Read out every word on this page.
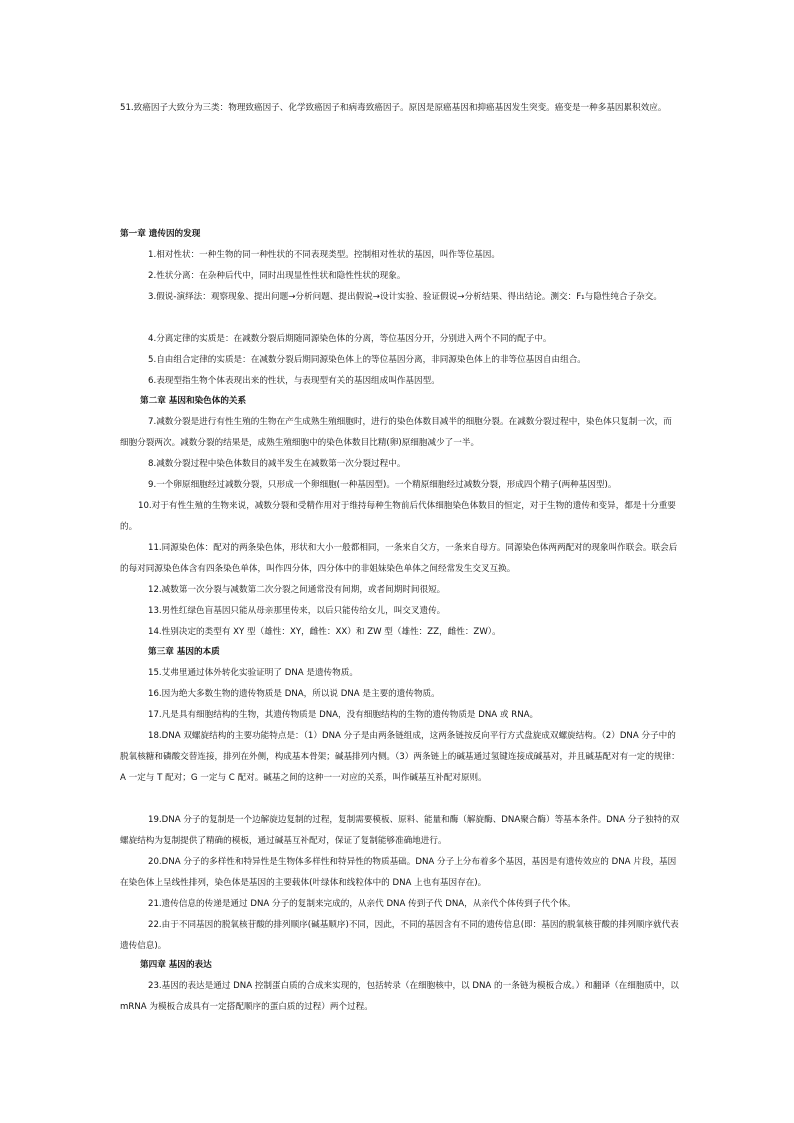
51.致癌因子大致分为三类：物理致癌因子、化学致癌因子和病毒致癌因子。原因是原癌基因和抑癌基因发生突变。癌变是一种多基因累积效应。

第一章 遗传因的发现

1.相对性状：一种生物的同一种性状的不同表现类型。控制相对性状的基因，叫作等位基因。

2.性状分离：在杂种后代中，同时出现显性性状和隐性性状的现象。

3.假说-演绎法：观察现象、提出问题→分析问题、提出假说→设计实验、验证假说→分析结果、得出结论。测交：F₁与隐性纯合子杂交。

4.分离定律的实质是：在减数分裂后期随同源染色体的分离，等位基因分开，分别进入两个不同的配子中。

5.自由组合定律的实质是：在减数分裂后期同源染色体上的等位基因分离，非同源染色体上的非等位基因自由组合。

6.表现型指生物个体表现出来的性状，与表现型有关的基因组成叫作基因型。

第二章 基因和染色体的关系

7.减数分裂是进行有性生殖的生物在产生成熟生殖细胞时，进行的染色体数目减半的细胞分裂。在减数分裂过程中，染色体只复制一次，而细胞分裂两次。减数分裂的结果是，成熟生殖细胞中的染色体数目比精(卵)原细胞减少了一半。

8.减数分裂过程中染色体数目的减半发生在减数第一次分裂过程中。

9.一个卵原细胞经过减数分裂，只形成一个卵细胞(一种基因型)。一个精原细胞经过减数分裂，形成四个精子(两种基因型)。

10.对于有性生殖的生物来说，减数分裂和受精作用对于维持每种生物前后代体细胞染色体数目的恒定，对于生物的遗传和变异，都是十分重要的。

11.同源染色体：配对的两条染色体，形状和大小一般都相同，一条来自父方，一条来自母方。同源染色体两两配对的现象叫作联会。联会后的每对同源染色体含有四条染色单体，叫作四分体，四分体中的非姐妹染色单体之间经常发生交叉互换。

12.减数第一次分裂与减数第二次分裂之间通常没有间期，或者间期时间很短。

13.男性红绿色盲基因只能从母亲那里传来，以后只能传给女儿，叫交叉遗传。

14.性别决定的类型有 XY 型（雄性：XY，雌性：XX）和 ZW 型（雄性：ZZ，雌性：ZW）。

第三章 基因的本质

15.艾弗里通过体外转化实验证明了 DNA 是遗传物质。

16.因为绝大多数生物的遗传物质是 DNA，所以说 DNA 是主要的遗传物质。

17.凡是具有细胞结构的生物，其遗传物质是 DNA，没有细胞结构的生物的遗传物质是 DNA 或 RNA。

18.DNA 双螺旋结构的主要功能特点是：（1）DNA 分子是由两条链组成，这两条链按反向平行方式盘旋成双螺旋结构。（2）DNA 分子中的脱氧核糖和磷酸交替连接，排列在外侧，构成基本骨架；碱基排列内侧。（3）两条链上的碱基通过氢键连接成碱基对，并且碱基配对有一定的规律：A 一定与 T 配对；G 一定与 C 配对。碱基之间的这种一一对应的关系，叫作碱基互补配对原则。

19.DNA 分子的复制是一个边解旋边复制的过程，复制需要模板、原料、能量和酶（解旋酶、DNA聚合酶）等基本条件。DNA 分子独特的双螺旋结构为复制提供了精确的模板，通过碱基互补配对，保证了复制能够准确地进行。

20.DNA 分子的多样性和特异性是生物体多样性和特异性的物质基础。DNA 分子上分布着多个基因，基因是有遗传效应的 DNA 片段，基因在染色体上呈线性排列，染色体是基因的主要载体(叶绿体和线粒体中的 DNA 上也有基因存在)。

21.遗传信息的传递是通过 DNA 分子的复制来完成的，从亲代 DNA 传到子代 DNA，从亲代个体传到子代个体。

22.由于不同基因的脱氧核苷酸的排列顺序(碱基顺序)不同，因此，不同的基因含有不同的遗传信息(即：基因的脱氧核苷酸的排列顺序就代表遗传信息)。

第四章 基因的表达

23.基因的表达是通过 DNA 控制蛋白质的合成来实现的，包括转录（在细胞核中，以 DNA 的一条链为模板合成。）和翻译（在细胞质中，以 mRNA 为模板合成具有一定搭配顺序的蛋白质的过程）两个过程。
